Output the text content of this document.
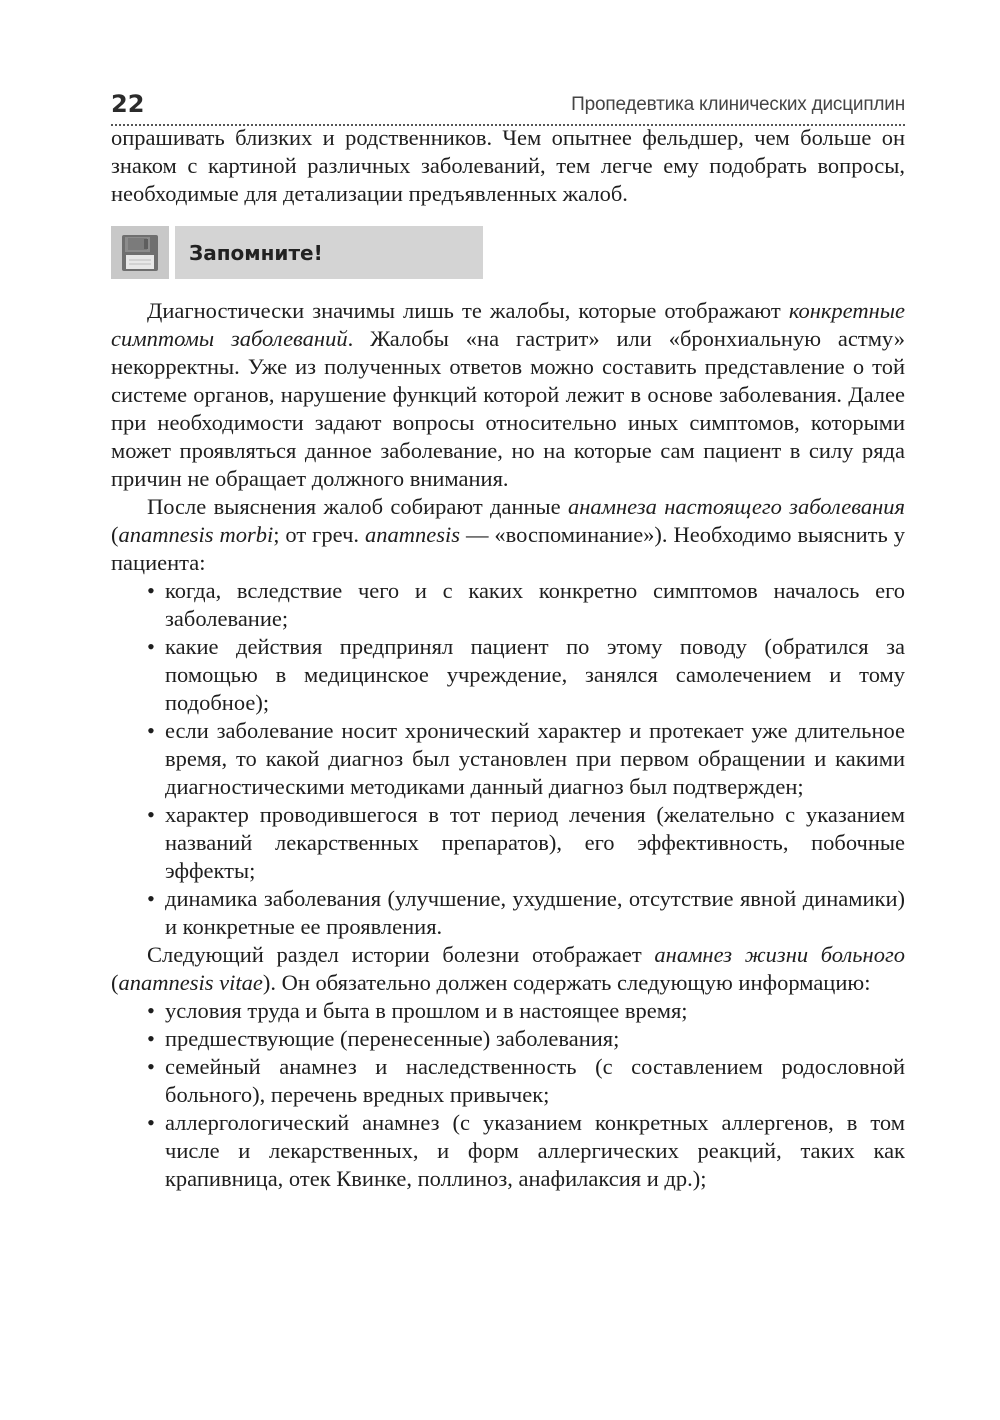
22	Пропедевтика клинических дисциплин

опрашивать близких и родственников. Чем опытнее фельдшер, чем больше он знаком с картиной различных заболеваний, тем легче ему подобрать вопросы, необходимые для детализации предъявленных жалоб.

Запомните!

Диагностически значимы лишь те жалобы, которые отображают конкретные симптомы заболеваний. Жалобы «на гастрит» или «бронхиальную астму» некорректны. Уже из полученных ответов можно составить представление о той системе органов, нарушение функций которой лежит в основе заболевания. Далее при необходимости задают вопросы относительно иных симптомов, которыми может проявляться данное заболевание, но на которые сам пациент в силу ряда причин не обращает должного внимания.

После выяснения жалоб собирают данные анамнеза настоящего заболевания (anamnesis morbi; от греч. anamnesis — «воспоминание»). Необходимо выяснить у пациента:

• когда, вследствие чего и с каких конкретно симптомов началось его заболевание;
• какие действия предпринял пациент по этому поводу (обратился за помощью в медицинское учреждение, занялся самолечением и тому подобное);
• если заболевание носит хронический характер и протекает уже длительное время, то какой диагноз был установлен при первом обращении и какими диагностическими методиками данный диагноз был подтвержден;
• характер проводившегося в тот период лечения (желательно с указанием названий лекарственных препаратов), его эффективность, побочные эффекты;
• динамика заболевания (улучшение, ухудшение, отсутствие явной динамики) и конкретные ее проявления.

Следующий раздел истории болезни отображает анамнез жизни больного (anamnesis vitae). Он обязательно должен содержать следующую информацию:

• условия труда и быта в прошлом и в настоящее время;
• предшествующие (перенесенные) заболевания;
• семейный анамнез и наследственность (с составлением родословной больного), перечень вредных привычек;
• аллергологический анамнез (с указанием конкретных аллергенов, в том числе и лекарственных, и форм аллергических реакций, таких как крапивница, отек Квинке, поллиноз, анафилаксия и др.);
